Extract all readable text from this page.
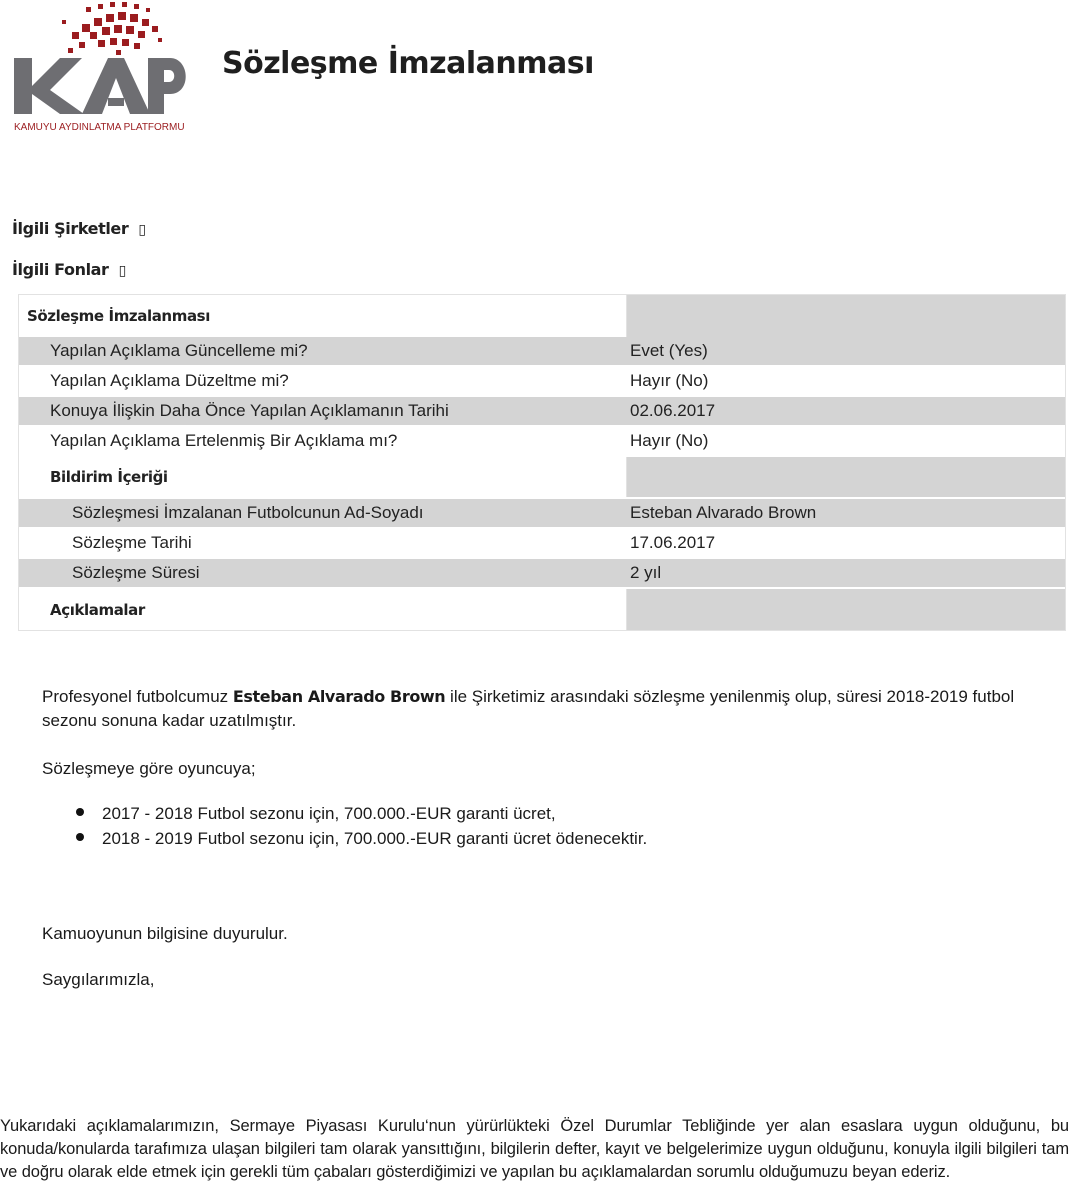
KAMUYU AYDINLATMA PLATFORMU
Sözleşme İmzalanması
İlgili Şirketler ▯
İlgili Fonlar ▯
Sözleşme İmzalanması
Yapılan Açıklama Güncelleme mi?	Evet (Yes)
Yapılan Açıklama Düzeltme mi?	Hayır (No)
Konuya İlişkin Daha Önce Yapılan Açıklamanın Tarihi	02.06.2017
Yapılan Açıklama Ertelenmiş Bir Açıklama mı?	Hayır (No)
Bildirim İçeriği
Sözleşmesi İmzalanan Futbolcunun Ad-Soyadı	Esteban Alvarado Brown
Sözleşme Tarihi	17.06.2017
Sözleşme Süresi	2 yıl
Açıklamalar

Profesyonel futbolcumuz Esteban Alvarado Brown ile Şirketimiz arasındaki sözleşme yenilenmiş olup, süresi 2018-2019 futbol sezonu sonuna kadar uzatılmıştır.

Sözleşmeye göre oyuncuya;

2017 - 2018 Futbol sezonu için, 700.000.-EUR garanti ücret,
2018 - 2019 Futbol sezonu için, 700.000.-EUR garanti ücret ödenecektir.

Kamuoyunun bilgisine duyurulur.

Saygılarımızla,

Yukarıdaki açıklamalarımızın, Sermaye Piyasası Kurulu‘nun yürürlükteki Özel Durumlar Tebliğinde yer alan esaslara uygun olduğunu, bu konuda/konularda tarafımıza ulaşan bilgileri tam olarak yansıttığını, bilgilerin defter, kayıt ve belgelerimize uygun olduğunu, konuyla ilgili bilgileri tam ve doğru olarak elde etmek için gerekli tüm çabaları gösterdiğimizi ve yapılan bu açıklamalardan sorumlu olduğumuzu beyan ederiz.
